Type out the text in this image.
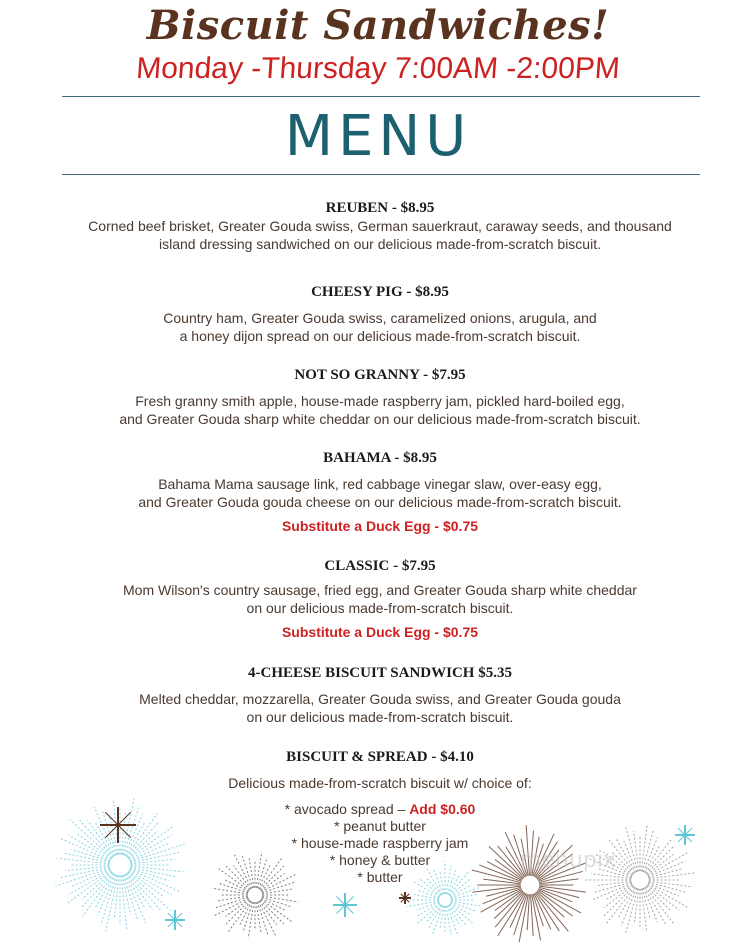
Biscuit Sandwiches!
Monday -Thursday 7:00AM -2:00PM
MENU

REUBEN - $8.95

Corned beef brisket, Greater Gouda swiss, German sauerkraut, caraway seeds, and thousand

island dressing sandwiched on our delicious made-from-scratch biscuit.

CHEESY PIG - $8.95

Country ham, Greater Gouda swiss, caramelized onions, arugula, and

a honey dijon spread on our delicious made-from-scratch biscuit.

NOT SO GRANNY - $7.95

Fresh granny smith apple, house-made raspberry jam, pickled hard-boiled egg,

and Greater Gouda sharp white cheddar on our delicious made-from-scratch biscuit.

BAHAMA - $8.95

Bahama Mama sausage link, red cabbage vinegar slaw, over-easy egg,

and Greater Gouda gouda cheese on our delicious made-from-scratch biscuit.

Substitute a Duck Egg - $0.75

CLASSIC - $7.95

Mom Wilson's country sausage, fried egg, and Greater Gouda sharp white cheddar

on our delicious made-from-scratch biscuit.

Substitute a Duck Egg - $0.75

4-CHEESE BISCUIT SANDWICH $5.35

Melted cheddar, mozzarella, Greater Gouda swiss, and Greater Gouda gouda

on our delicious made-from-scratch biscuit.

BISCUIT & SPREAD - $4.10

Delicious made-from-scratch biscuit w/ choice of:

* avocado spread – Add $0.60
* peanut butter
* house-made raspberry jam
* honey & butter
* butter
menupix
